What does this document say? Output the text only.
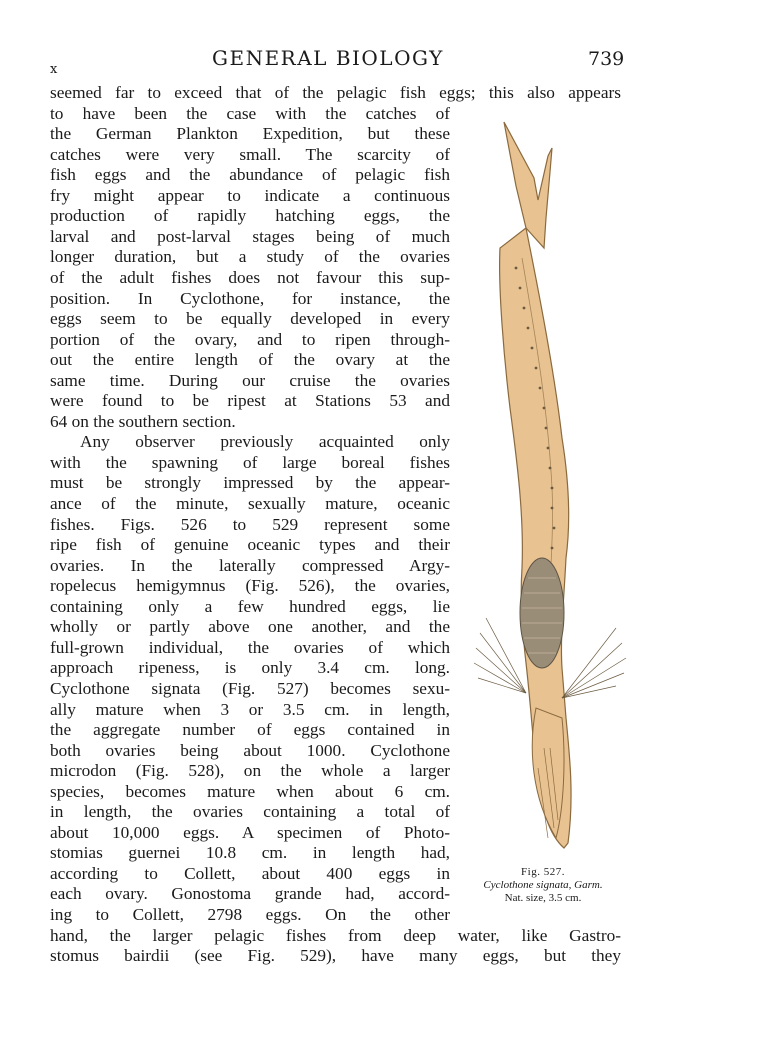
x	GENERAL BIOLOGY	739
seemed far to exceed that of the pelagic fish eggs; this also appears
to have been the case with the catches of
the German Plankton Expedition, but these
catches were very small. The scarcity of
fish eggs and the abundance of pelagic fish
fry might appear to indicate a continuous
production of rapidly hatching eggs, the
larval and post-larval stages being of much
longer duration, but a study of the ovaries
of the adult fishes does not favour this sup-
position. In Cyclothone, for instance, the
eggs seem to be equally developed in every
portion of the ovary, and to ripen through-
out the entire length of the ovary at the
same time. During our cruise the ovaries
were found to be ripest at Stations 53 and
64 on the southern section.
Any observer previously acquainted only
with the spawning of large boreal fishes
must be strongly impressed by the appear-
ance of the minute, sexually mature, oceanic
fishes. Figs. 526 to 529 represent some
ripe fish of genuine oceanic types and their
ovaries. In the laterally compressed Argy-
ropelecus hemigymnus (Fig. 526), the ovaries,
containing only a few hundred eggs, lie
wholly or partly above one another, and the
full-grown individual, the ovaries of which
approach ripeness, is only 3.4 cm. long.
Cyclothone signata (Fig. 527) becomes sexu-
ally mature when 3 or 3.5 cm. in length,
the aggregate number of eggs contained in
both ovaries being about 1000. Cyclothone
microdon (Fig. 528), on the whole a larger
species, becomes mature when about 6 cm.
in length, the ovaries containing a total of
about 10,000 eggs. A specimen of Photo-
stomias guernei 10.8 cm. in length had,
according to Collett, about 400 eggs in
each ovary. Gonostoma grande had, accord-
ing to Collett, 2798 eggs. On the other
hand, the larger pelagic fishes from deep water, like Gastro-
stomus bairdii (see Fig. 529), have many eggs, but they
Fig. 527.
Cyclothone signata, Garm.
Nat. size, 3.5 cm.
